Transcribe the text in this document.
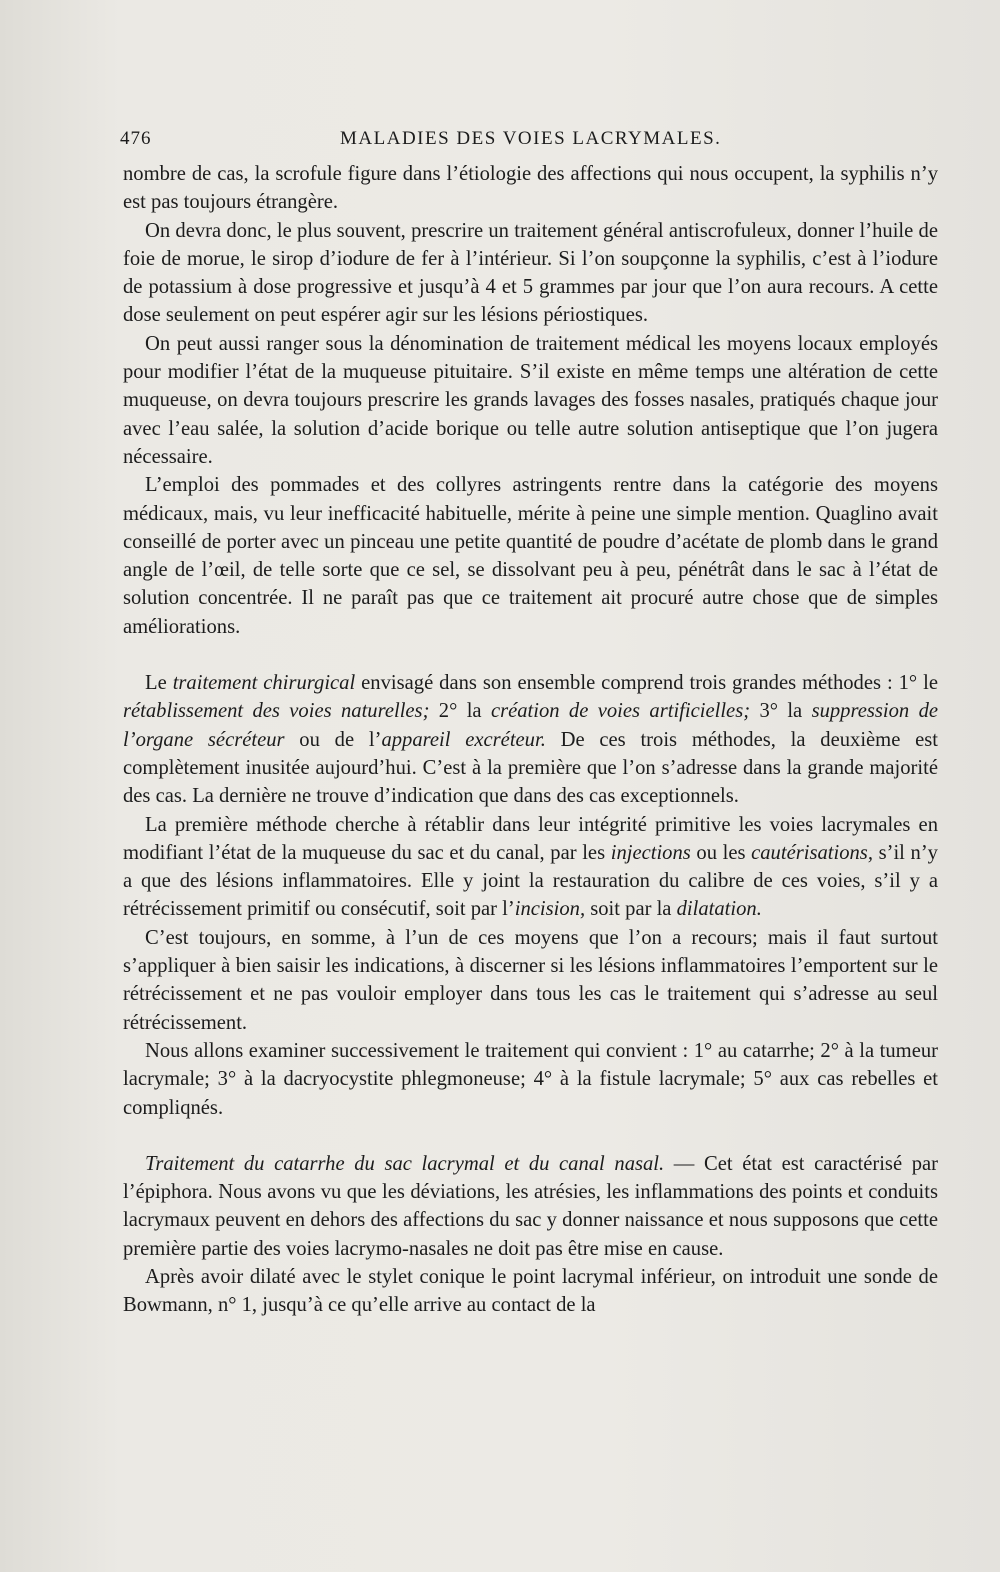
476	MALADIES DES VOIES LACRYMALES.

nombre de cas, la scrofule figure dans l’étiologie des affections qui nous occupent, la syphilis n’y est pas toujours étrangère.

On devra donc, le plus souvent, prescrire un traitement général antiscrofuleux, donner l’huile de foie de morue, le sirop d’iodure de fer à l’intérieur. Si l’on soupçonne la syphilis, c’est à l’iodure de potassium à dose progressive et jusqu’à 4 et 5 grammes par jour que l’on aura recours. A cette dose seulement on peut espérer agir sur les lésions périostiques.

On peut aussi ranger sous la dénomination de traitement médical les moyens locaux employés pour modifier l’état de la muqueuse pituitaire. S’il existe en même temps une altération de cette muqueuse, on devra toujours prescrire les grands lavages des fosses nasales, pratiqués chaque jour avec l’eau salée, la solution d’acide borique ou telle autre solution antiseptique que l’on jugera nécessaire.

L’emploi des pommades et des collyres astringents rentre dans la catégorie des moyens médicaux, mais, vu leur inefficacité habituelle, mérite à peine une simple mention. Quaglino avait conseillé de porter avec un pinceau une petite quantité de poudre d’acétate de plomb dans le grand angle de l’œil, de telle sorte que ce sel, se dissolvant peu à peu, pénétrât dans le sac à l’état de solution concentrée. Il ne paraît pas que ce traitement ait procuré autre chose que de simples améliorations.

Le traitement chirurgical envisagé dans son ensemble comprend trois grandes méthodes : 1° le rétablissement des voies naturelles; 2° la création de voies artificielles; 3° la suppression de l’organe sécréteur ou de l’appareil excréteur. De ces trois méthodes, la deuxième est complètement inusitée aujourd’hui. C’est à la première que l’on s’adresse dans la grande majorité des cas. La dernière ne trouve d’indication que dans des cas exceptionnels.

La première méthode cherche à rétablir dans leur intégrité primitive les voies lacrymales en modifiant l’état de la muqueuse du sac et du canal, par les injections ou les cautérisations, s’il n’y a que des lésions inflammatoires. Elle y joint la restauration du calibre de ces voies, s’il y a rétrécissement primitif ou consécutif, soit par l’incision, soit par la dilatation.

C’est toujours, en somme, à l’un de ces moyens que l’on a recours; mais il faut surtout s’appliquer à bien saisir les indications, à discerner si les lésions inflammatoires l’emportent sur le rétrécissement et ne pas vouloir employer dans tous les cas le traitement qui s’adresse au seul rétrécissement.

Nous allons examiner successivement le traitement qui convient : 1° au catarrhe; 2° à la tumeur lacrymale; 3° à la dacryocystite phlegmoneuse; 4° à la fistule lacrymale; 5° aux cas rebelles et compliqnés.

Traitement du catarrhe du sac lacrymal et du canal nasal. — Cet état est caractérisé par l’épiphora. Nous avons vu que les déviations, les atrésies, les inflammations des points et conduits lacrymaux peuvent en dehors des affections du sac y donner naissance et nous supposons que cette première partie des voies lacrymo-nasales ne doit pas être mise en cause.

Après avoir dilaté avec le stylet conique le point lacrymal inférieur, on introduit une sonde de Bowmann, n° 1, jusqu’à ce qu’elle arrive au contact de la
